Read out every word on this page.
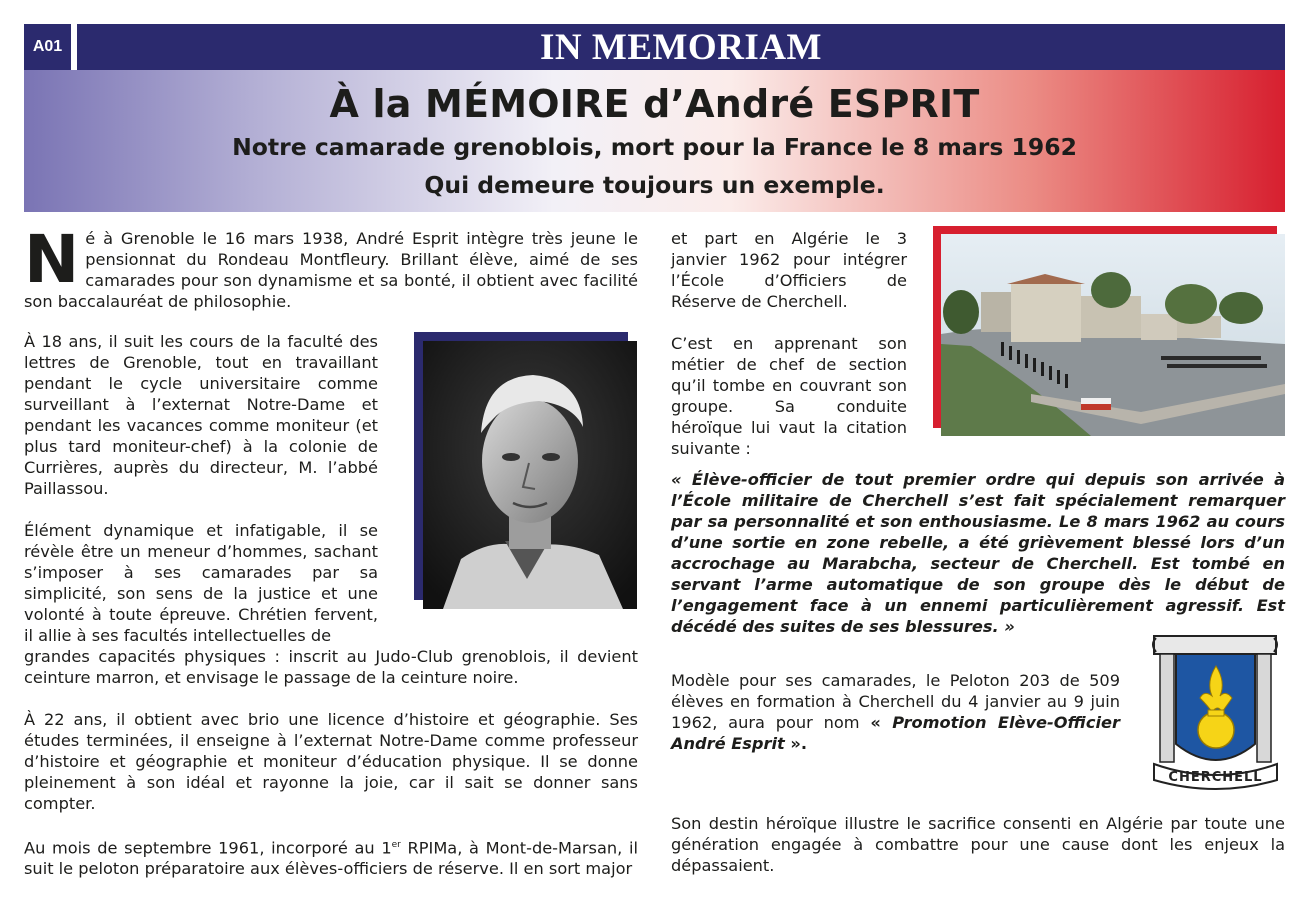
A01	IN MEMORIAM
À la MÉMOIRE d’André ESPRIT
Notre camarade grenoblois, mort pour la France le 8 mars 1962
Qui demeure toujours un exemple.

Né à Grenoble le 16 mars 1938, André Esprit intègre très jeune le pensionnat du Rondeau Montfleury. Brillant élève, aimé de ses camarades pour son dynamisme et sa bonté, il obtient avec facilité son baccalauréat de philosophie.

À 18 ans, il suit les cours de la faculté des lettres de Grenoble, tout en travaillant pendant le cycle universitaire comme surveillant à l’externat Notre-Dame et pendant les vacances comme moniteur (et plus tard moniteur-chef) à la colonie de Currières, auprès du directeur, M. l’abbé Paillassou.

Élément dynamique et infatigable, il se révèle être un meneur d’hommes, sachant s’imposer à ses camarades par sa simplicité, son sens de la justice et une volonté à toute épreuve. Chrétien fervent, il allie à ses facultés intellectuelles de

grandes capacités physiques : inscrit au Judo-Club grenoblois, il devient ceinture marron, et envisage le passage de la ceinture noire.

À 22 ans, il obtient avec brio une licence d’histoire et géographie. Ses études terminées, il enseigne à l’externat Notre-Dame comme professeur d’histoire et géographie et moniteur d’éducation physique. Il se donne pleinement à son idéal et rayonne la joie, car il sait se donner sans compter.

Au mois de septembre 1961, incorporé au 1er RPIMa, à Mont-de-Marsan, il suit le peloton préparatoire aux élèves-officiers de réserve. Il en sort major

et part en Algérie le 3 janvier 1962 pour intégrer l’École d’Officiers de Réserve de Cherchell.

C’est en apprenant son métier de chef de section qu’il tombe en couvrant son groupe. Sa conduite héroïque lui vaut la citation suivante :

« Élève-officier de tout premier ordre qui depuis son arrivée à l’École militaire de Cherchell s’est fait spécialement remarquer par sa personnalité et son enthousiasme. Le 8 mars 1962 au cours d’une sortie en zone rebelle, a été grièvement blessé lors d’un accrochage au Marabcha, secteur de Cherchell. Est tombé en servant l’arme automatique de son groupe dès le début de l’engagement face à un ennemi particulièrement agressif. Est décédé des suites de ses blessures. »

Modèle pour ses camarades, le Peloton 203 de 509 élèves en formation à Cherchell du 4 janvier au 9 juin 1962, aura pour nom « Promotion Elève-Officier André Esprit ».

CHERCHELL

Son destin héroïque illustre le sacrifice consenti en Algérie par toute une génération engagée à combattre pour une cause dont les enjeux la dépassaient.
